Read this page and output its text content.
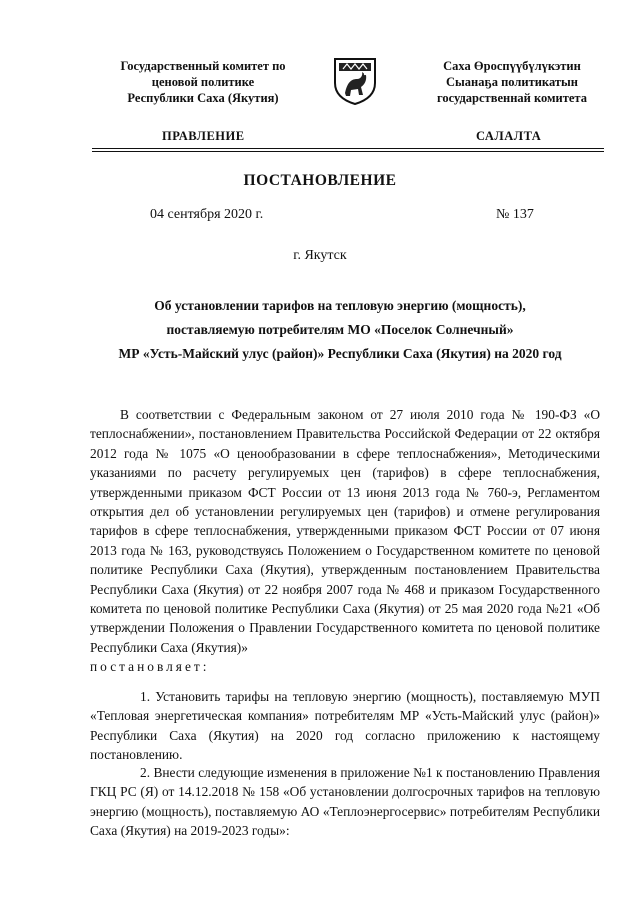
Государственный комитет по
ценовой политике
Республики Саха (Якутия)
Саха Өроспүүбүлүкэтин
Сыанаҕа политикатын
государственнай комитета
ПРАВЛЕНИЕ	САЛАЛТА
ПОСТАНОВЛЕНИЕ
04 сентября 2020 г.	№ 137
г. Якутск
Об установлении тарифов на тепловую энергию (мощность),
поставляемую потребителям МО «Поселок Солнечный»
МР «Усть-Майский улус (район)» Республики Саха (Якутия) на 2020 год
В соответствии с Федеральным законом от 27 июля 2010 года № 190-ФЗ «О теплоснабжении», постановлением Правительства Российской Федерации от 22 октября 2012 года № 1075 «О ценообразовании в сфере теплоснабжения», Методическими указаниями по расчету регулируемых цен (тарифов) в сфере теплоснабжения, утвержденными приказом ФСТ России от 13 июня 2013 года № 760-э, Регламентом открытия дел об установлении регулируемых цен (тарифов) и отмене регулирования тарифов в сфере теплоснабжения, утвержденными приказом ФСТ России от 07 июня 2013 года № 163, руководствуясь Положением о Государственном комитете по ценовой политике Республики Саха (Якутия), утвержденным постановлением Правительства Республики Саха (Якутия) от 22 ноября 2007 года № 468 и приказом Государственного комитета по ценовой политике Республики Саха (Якутия) от 25 мая 2020 года №21 «Об утверждении Положения о Правлении Государственного комитета по ценовой политике Республики Саха (Якутия)»
постановляет:
1. Установить тарифы на тепловую энергию (мощность), поставляемую МУП «Тепловая энергетическая компания» потребителям МР «Усть-Майский улус (район)» Республики Саха (Якутия) на 2020 год согласно приложению к настоящему постановлению.
2. Внести следующие изменения в приложение №1 к постановлению Правления ГКЦ РС (Я) от 14.12.2018 № 158 «Об установлении долгосрочных тарифов на тепловую энергию (мощность), поставляемую АО «Теплоэнергосервис» потребителям Республики Саха (Якутия) на 2019-2023 годы»:
